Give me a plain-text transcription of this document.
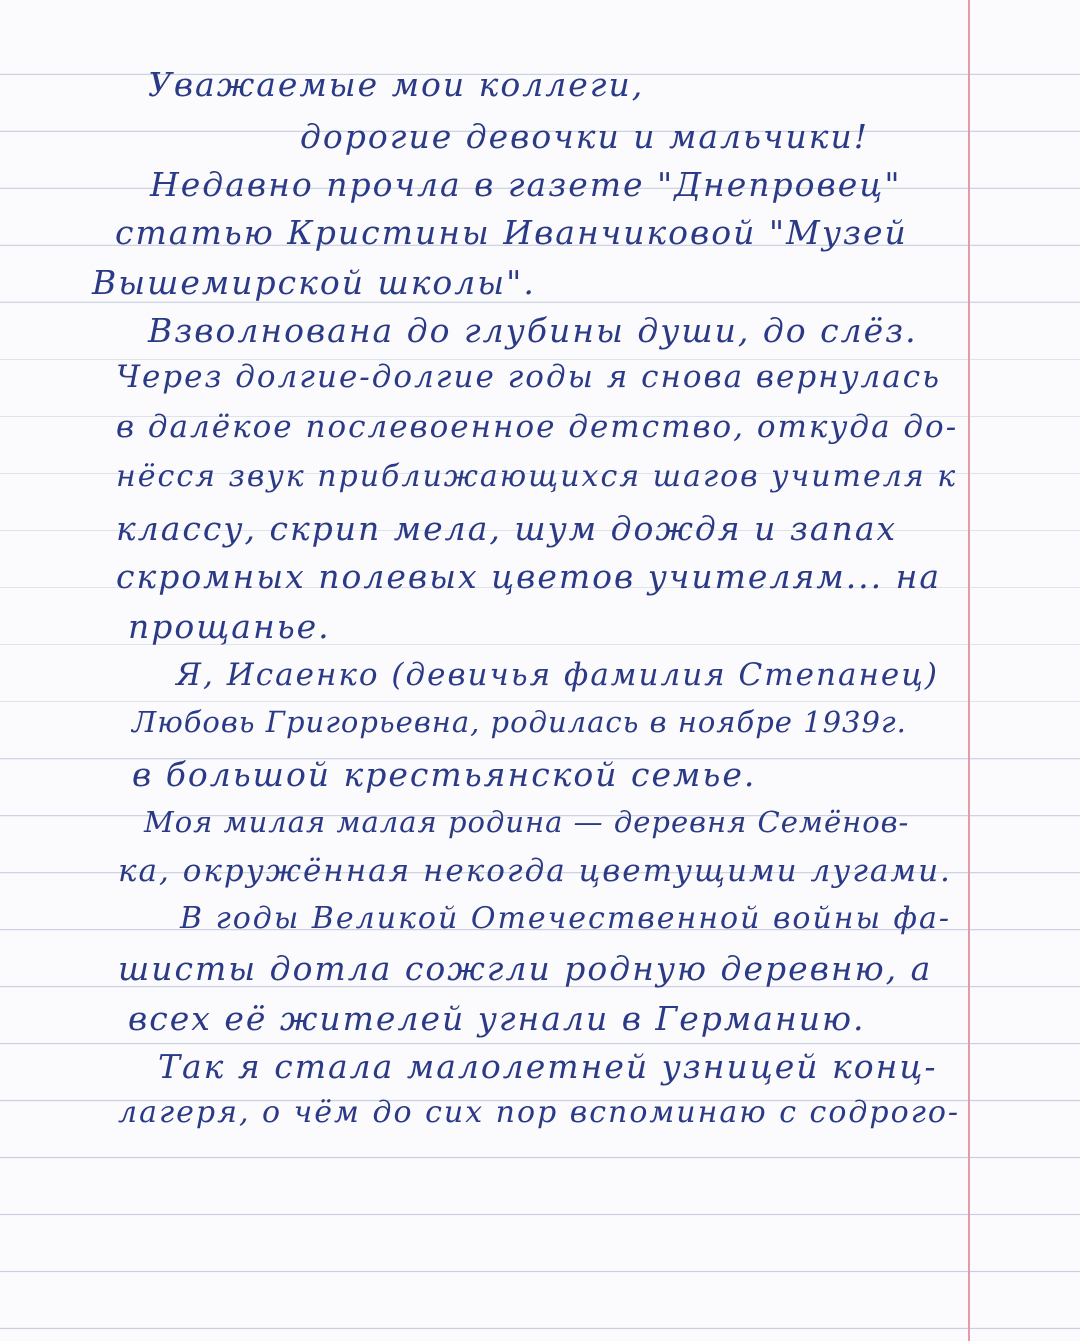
Уважаемые мои коллеги,
дорогие девочки и мальчики!
Недавно прочла в газете "Днепровец"
статью Кристины Иванчиковой "Музей
Вышемирской школы".
Взволнована до глубины души, до слёз.
Через долгие-долгие годы я снова вернулась
в далёкое послевоенное детство, откуда до-
нёсся звук приближающихся шагов учителя к
классу, скрип мела, шум дождя и запах
скромных полевых цветов учителям... на
прощанье.
Я, Исаенко (девичья фамилия Степанец)
Любовь Григорьевна, родилась в ноябре 1939г.
в большой крестьянской семье.
Моя милая малая родина — деревня Семёнов-
ка, окружённая некогда цветущими лугами.
В годы Великой Отечественной войны фа-
шисты дотла сожгли родную деревню, а
всех её жителей угнали в Германию.
Так я стала малолетней узницей конц-
лагеря, о чём до сих пор вспоминаю с содрого-
